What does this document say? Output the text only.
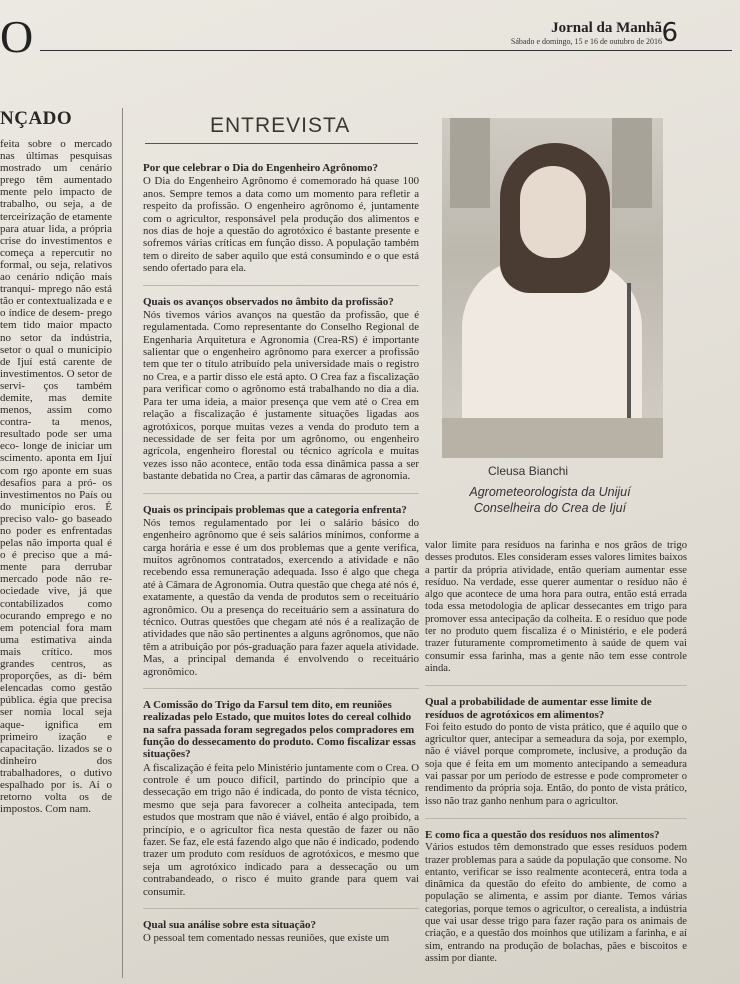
O	Jornal da Manhã
Sábado e domingo, 15 e 16 de outubro de 2016 6
NÇADO

feita sobre o mercado nas últimas pesquisas mostrado um cenário prego têm aumentado mente pelo impacto de trabalho, ou seja, a de terceirização de etamente para atuar lida, a própria crise do investimentos e começa a repercutir no formal, ou seja, relativos ao cenário ndição mais tranqui- mprego não está tão er contextualizada e e o índice de desem- prego tem tido maior mpacto no setor da indústria, setor o qual o município de Ijuí está carente de investimentos. O setor de servi- ços também demite, mas demite menos, assim como contra- ta menos, resultado pode ser uma eco- longe de iniciar um scimento. aponta em Ijuí com rgo aponte em suas desafios para a pró- os investimentos no País ou do município eros. É preciso valo- go baseado no poder es enfrentadas pelas não importa qual é o é preciso que a má- mente para derrubar mercado pode não re- ociedade vive, já que contabilizados como ocurando emprego e no em potencial fora mam uma estimativa ainda mais crítico. mos grandes centros, as proporções, as di- bém elencadas como gestão pública. égia que precisa ser nomia local seja aque- ignifica em primeiro ização e capacitação. lizados se o dinheiro dos trabalhadores, o dutivo espalhado por is. Aí o retorno volta os de impostos. Com nam.

ENTREVISTA

Por que celebrar o Dia do Engenheiro Agrônomo?

O Dia do Engenheiro Agrônomo é comemorado há quase 100 anos. Sempre temos a data como um momento para refletir a respeito da profissão. O engenheiro agrônomo é, juntamente com o agricultor, responsável pela produção dos alimentos e nos dias de hoje a questão do agrotóxico é bastante presente e sofremos várias críticas em função disso. A população também tem o direito de saber aquilo que está consumindo e o que está sendo ofertado para ela.

Quais os avanços observados no âmbito da profissão?

Nós tivemos vários avanços na questão da profissão, que é regulamentada. Como representante do Conselho Regional de Engenharia Arquitetura e Agronomia (Crea-RS) é importante salientar que o engenheiro agrônomo para exercer a profissão tem que ter o título atribuído pela universidade mais o registro no Crea, e a partir disso ele está apto. O Crea faz a fiscalização para verificar como o agrônomo está trabalhando no dia a dia. Para ter uma ideia, a maior presença que vem até o Crea em relação a fiscalização é justamente situações ligadas aos agrotóxicos, porque muitas vezes a venda do produto tem a necessidade de ser feita por um agrônomo, ou engenheiro agrícola, engenheiro florestal ou técnico agrícola e muitas vezes isso não acontece, então toda essa dinâmica passa a ser bastante debatida no Crea, a partir das câmaras de agronomia.

Quais os principais problemas que a categoria enfrenta?

Nós temos regulamentado por lei o salário básico do engenheiro agrônomo que é seis salários mínimos, conforme a carga horária e esse é um dos problemas que a gente verifica, muitos agrônomos contratados, exercendo a atividade e não recebendo essa remuneração adequada. Isso é algo que chega até à Câmara de Agronomia. Outra questão que chega até nós é, exatamente, a questão da venda de produtos sem o receituário agronômico. Ou a presença do receituário sem a assinatura do técnico. Outras questões que chegam até nós é a realização de atividades que não são pertinentes a alguns agrônomos, que não têm a atribuição por pós-graduação para fazer aquela atividade. Mas, a principal demanda é envolvendo o receituário agronômico.

A Comissão do Trigo da Farsul tem dito, em reuniões realizadas pelo Estado, que muitos lotes do cereal colhido na safra passada foram segregados pelos compradores em função do dessecamento do produto. Como fiscalizar essas situações?

A fiscalização é feita pelo Ministério juntamente com o Crea. O controle é um pouco difícil, partindo do princípio que a dessecação em trigo não é indicada, do ponto de vista técnico, mesmo que seja para favorecer a colheita antecipada, tem estudos que mostram que não é viável, então é algo proibido, a princípio, e o agricultor fica nesta questão de fazer ou não fazer. Se faz, ele está fazendo algo que não é indicado, podendo trazer um produto com resíduos de agrotóxicos, e mesmo que seja um agrotóxico indicado para a dessecação ou um contrabandeado, o risco é muito grande para quem vai consumir.

Qual sua análise sobre esta situação?

O pessoal tem comentado nessas reuniões, que existe um

Cleusa Bianchi
Agrometeorologista da Unijuí
Conselheira do Crea de Ijuí

valor limite para resíduos na farinha e nos grãos de trigo desses produtos. Eles consideram esses valores limites baixos a partir da própria atividade, então queriam aumentar esse resíduo. Na verdade, esse querer aumentar o resíduo não é algo que acontece de uma hora para outra, então está errada toda essa metodologia de aplicar dessecantes em trigo para promover essa antecipação da colheita. E o resíduo que pode ter no produto quem fiscaliza é o Ministério, e ele poderá trazer futuramente comprometimento à saúde de quem vai consumir essa farinha, mas a gente não tem esse controle ainda.

Qual a probabilidade de aumentar esse limite de resíduos de agrotóxicos em alimentos?

Foi feito estudo do ponto de vista prático, que é aquilo que o agricultor quer, antecipar a semeadura da soja, por exemplo, não é viável porque compromete, inclusive, a produção da soja que é feita em um momento antecipando a semeadura vai passar por um período de estresse e pode comprometer o rendimento da própria soja. Então, do ponto de vista prático, isso não traz ganho nenhum para o agricultor.

E como fica a questão dos resíduos nos alimentos?

Vários estudos têm demonstrado que esses resíduos podem trazer problemas para a saúde da população que consome. No entanto, verificar se isso realmente acontecerá, entra toda a dinâmica da questão do efeito do ambiente, de como a população se alimenta, e assim por diante. Temos várias categorias, porque temos o agricultor, o cerealista, a indústria que vai usar desse trigo para fazer ração para os animais de criação, e a questão dos moinhos que utilizam a farinha, e aí sim, entrando na produção de bolachas, pães e biscoitos e assim por diante.
